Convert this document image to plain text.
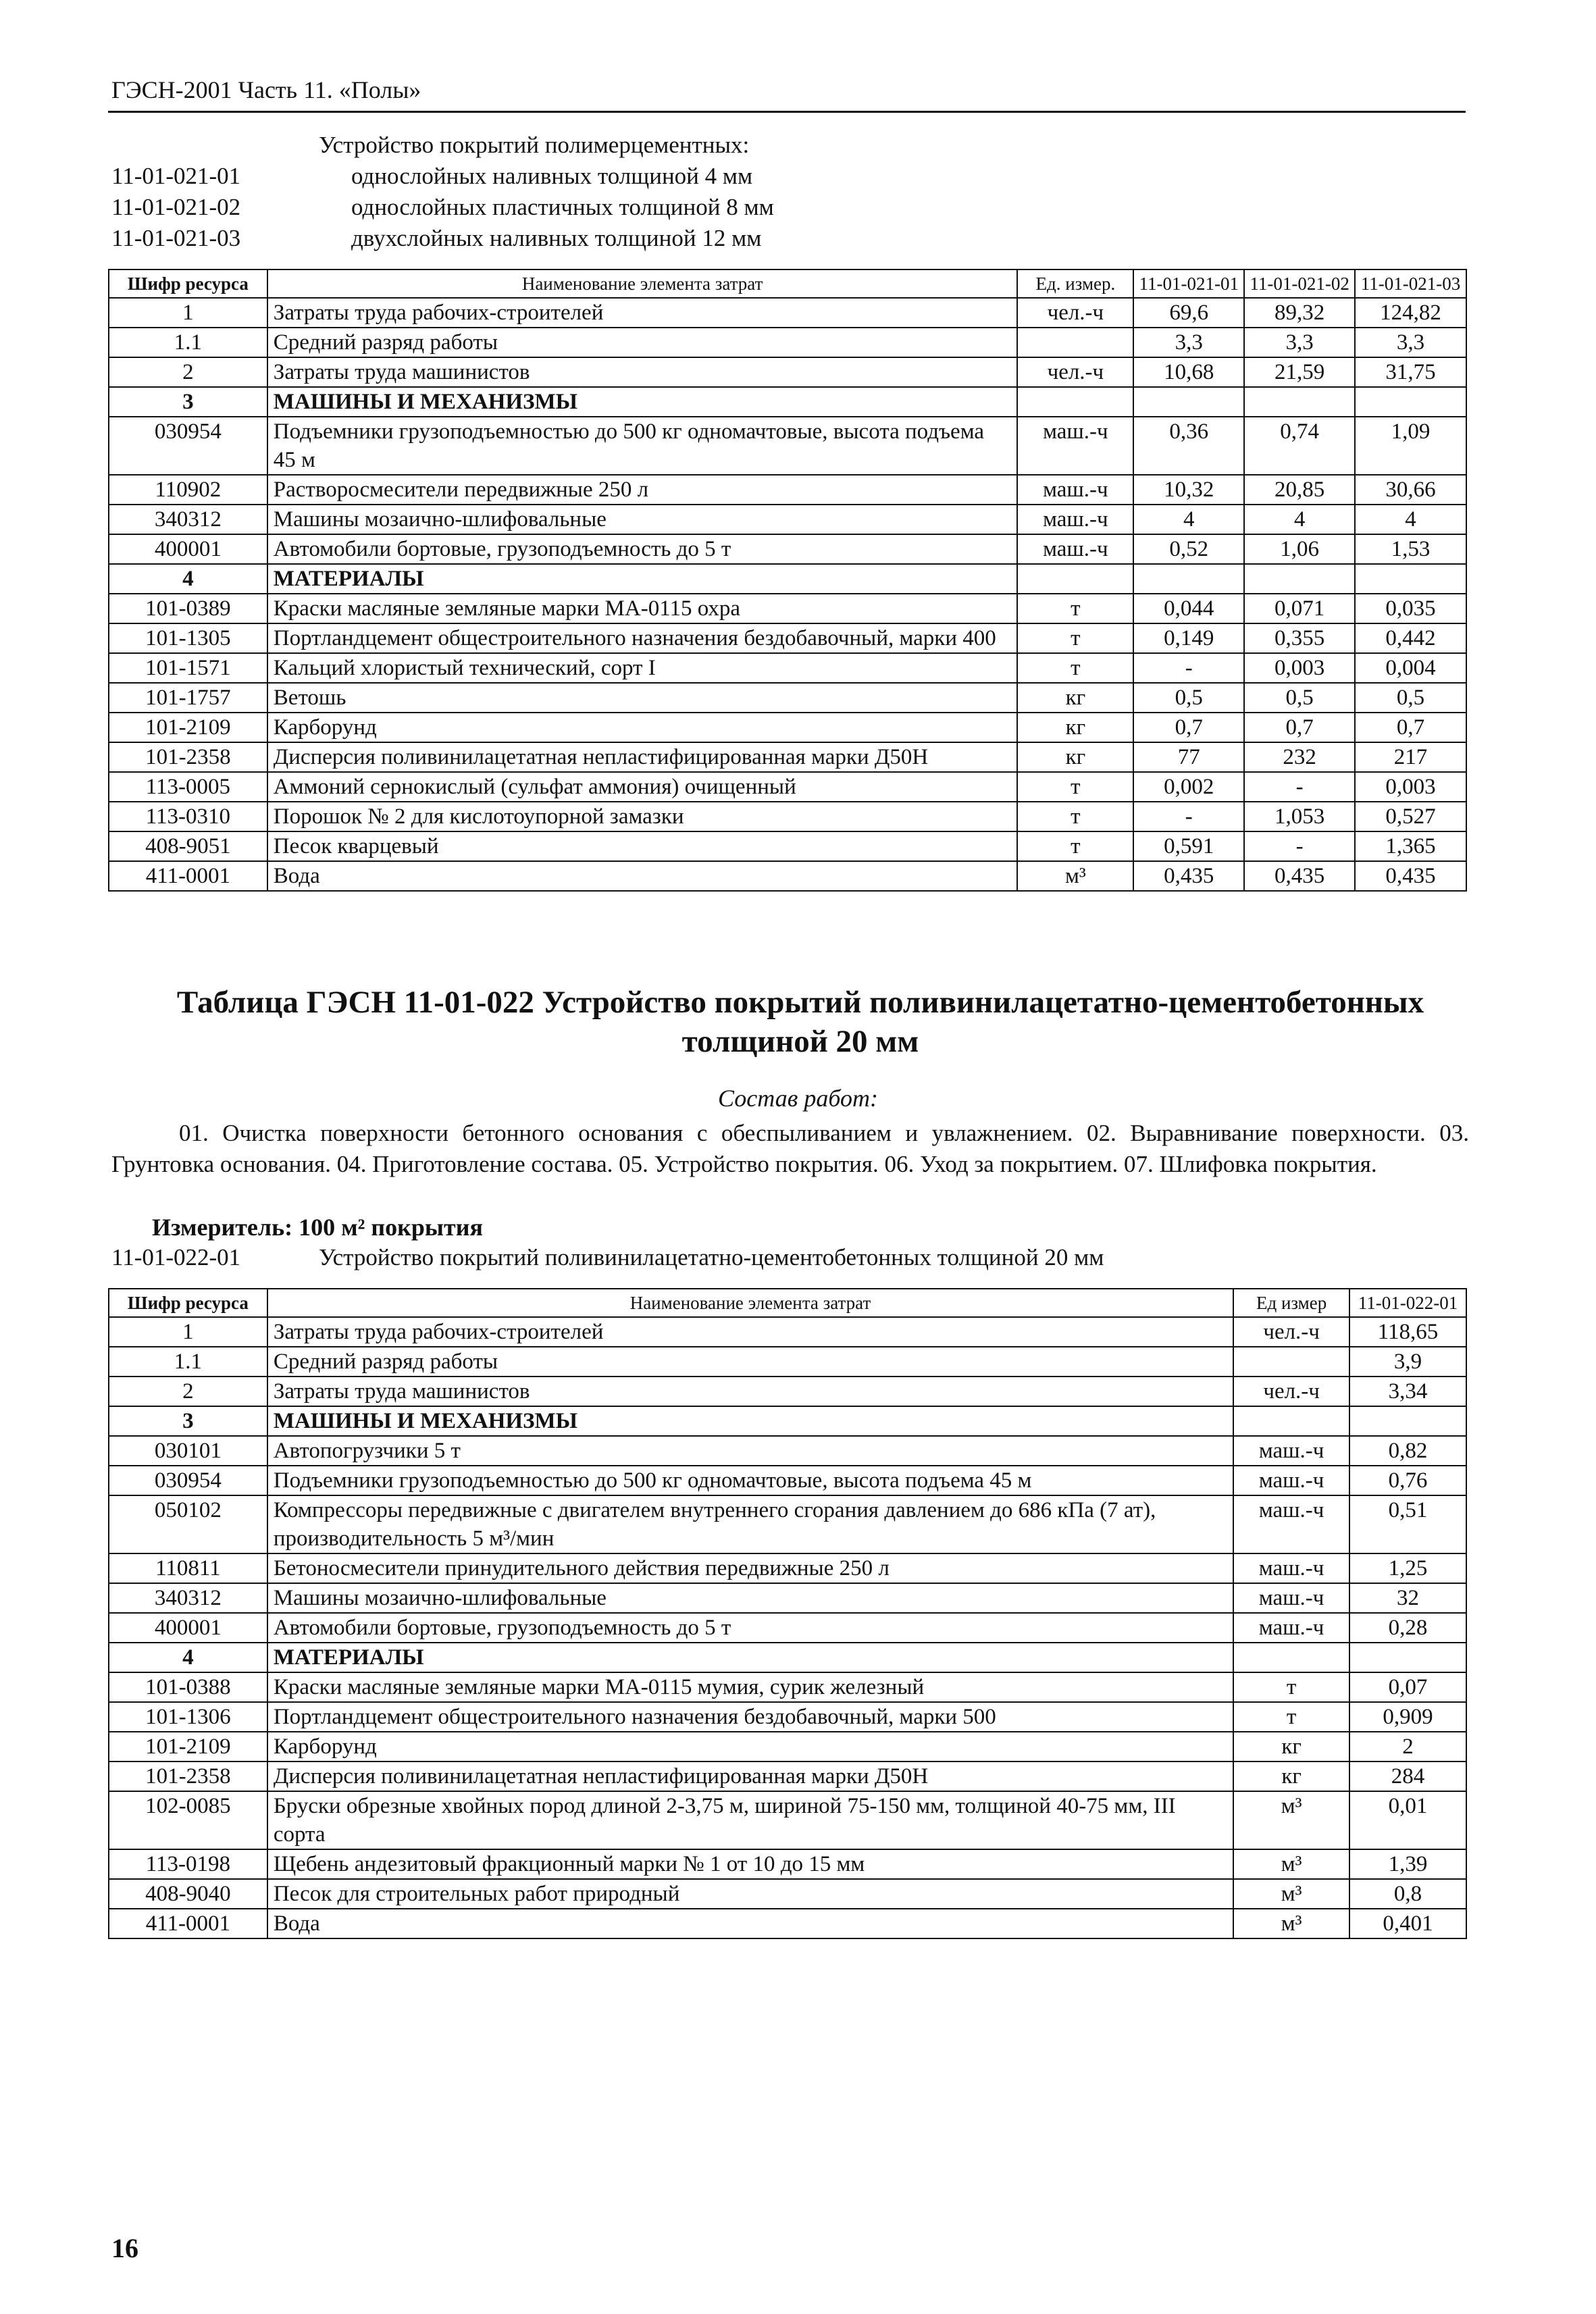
ГЭСН-2001 Часть 11. «Полы»
Устройство покрытий полимерцементных:
11-01-021-01	однослойных наливных толщиной 4 мм
11-01-021-02	однослойных пластичных толщиной 8 мм
11-01-021-03	двухслойных наливных толщиной 12 мм
Шифр ресурса	Наименование элемента затрат	Ед. измер.	11-01-021-01	11-01-021-02	11-01-021-03
1	Затраты труда рабочих-строителей	чел.-ч	69,6	89,32	124,82
1.1	Средний разряд работы		3,3	3,3	3,3
2	Затраты труда машинистов	чел.-ч	10,68	21,59	31,75
3	МАШИНЫ И МЕХАНИЗМЫ				
030954	Подъемники грузоподъемностью до 500 кг одномачтовые, высота подъема 45 м	маш.-ч	0,36	0,74	1,09
110902	Растворосмесители передвижные 250 л	маш.-ч	10,32	20,85	30,66
340312	Машины мозаично-шлифовальные	маш.-ч	4	4	4
400001	Автомобили бортовые, грузоподъемность до 5 т	маш.-ч	0,52	1,06	1,53
4	МАТЕРИАЛЫ				
101-0389	Краски масляные земляные марки МА-0115 охра	т	0,044	0,071	0,035
101-1305	Портландцемент общестроительного назначения бездобавочный, марки 400	т	0,149	0,355	0,442
101-1571	Кальций хлористый технический, сорт I	т	-	0,003	0,004
101-1757	Ветошь	кг	0,5	0,5	0,5
101-2109	Карборунд	кг	0,7	0,7	0,7
101-2358	Дисперсия поливинилацетатная непластифицированная марки Д50Н	кг	77	232	217
113-0005	Аммоний сернокислый (сульфат аммония) очищенный	т	0,002	-	0,003
113-0310	Порошок № 2 для кислотоупорной замазки	т	-	1,053	0,527
408-9051	Песок кварцевый	т	0,591	-	1,365
411-0001	Вода	м³	0,435	0,435	0,435
Таблица ГЭСН 11-01-022 Устройство покрытий поливинилацетатно-цементобетонных толщиной 20 мм
Состав работ:
01. Очистка поверхности бетонного основания с обеспыливанием и увлажнением. 02. Выравнивание поверхности. 03. Грунтовка основания. 04. Приготовление состава. 05. Устройство покрытия. 06. Уход за покрытием. 07. Шлифовка покрытия.
Измеритель: 100 м² покрытия
11-01-022-01	Устройство покрытий поливинилацетатно-цементобетонных толщиной 20 мм
Шифр ресурса	Наименование элемента затрат	Ед измер	11-01-022-01
1	Затраты труда рабочих-строителей	чел.-ч	118,65
1.1	Средний разряд работы		3,9
2	Затраты труда машинистов	чел.-ч	3,34
3	МАШИНЫ И МЕХАНИЗМЫ		
030101	Автопогрузчики 5 т	маш.-ч	0,82
030954	Подъемники грузоподъемностью до 500 кг одномачтовые, высота подъема 45 м	маш.-ч	0,76
050102	Компрессоры передвижные с двигателем внутреннего сгорания давлением до 686 кПа (7 ат), производительность 5 м³/мин	маш.-ч	0,51
110811	Бетоносмесители принудительного действия передвижные 250 л	маш.-ч	1,25
340312	Машины мозаично-шлифовальные	маш.-ч	32
400001	Автомобили бортовые, грузоподъемность до 5 т	маш.-ч	0,28
4	МАТЕРИАЛЫ		
101-0388	Краски масляные земляные марки МА-0115 мумия, сурик железный	т	0,07
101-1306	Портландцемент общестроительного назначения бездобавочный, марки 500	т	0,909
101-2109	Карборунд	кг	2
101-2358	Дисперсия поливинилацетатная непластифицированная марки Д50Н	кг	284
102-0085	Бруски обрезные хвойных пород длиной 2-3,75 м, шириной 75-150 мм, толщиной 40-75 мм, III сорта	м³	0,01
113-0198	Щебень андезитовый фракционный марки № 1 от 10 до 15 мм	м³	1,39
408-9040	Песок для строительных работ природный	м³	0,8
411-0001	Вода	м³	0,401
16
